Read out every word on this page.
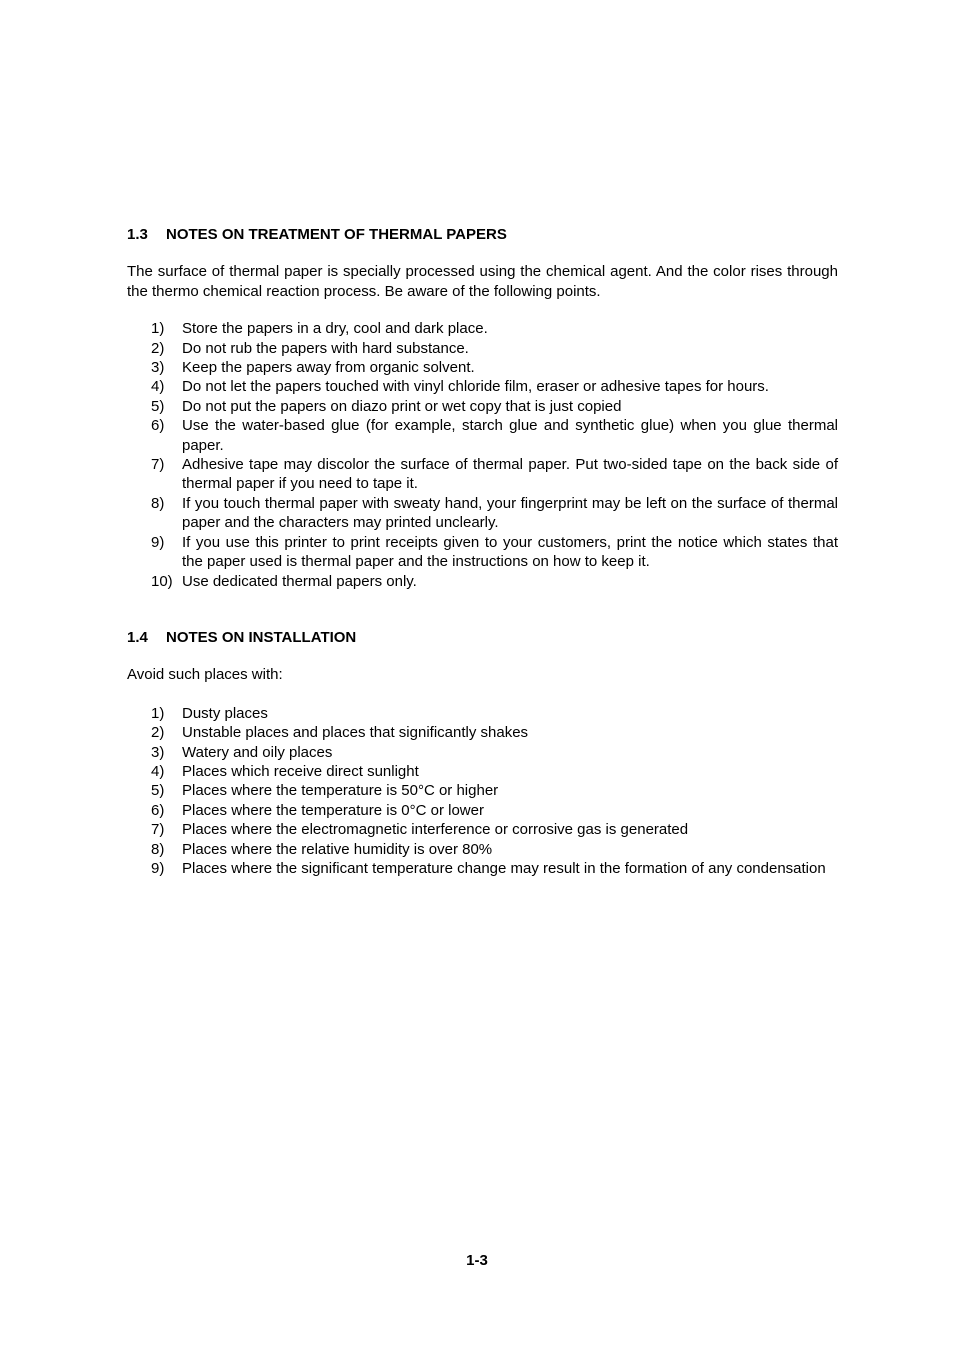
1.3 NOTES ON TREATMENT OF THERMAL PAPERS

The surface of thermal paper is specially processed using the chemical agent. And the color rises through the thermo chemical reaction process. Be aware of the following points.

1) Store the papers in a dry, cool and dark place.
2) Do not rub the papers with hard substance.
3) Keep the papers away from organic solvent.
4) Do not let the papers touched with vinyl chloride film, eraser or adhesive tapes for hours.
5) Do not put the papers on diazo print or wet copy that is just copied
6) Use the water-based glue (for example, starch glue and synthetic glue) when you glue thermal paper.
7) Adhesive tape may discolor the surface of thermal paper. Put two-sided tape on the back side of thermal paper if you need to tape it.
8) If you touch thermal paper with sweaty hand, your fingerprint may be left on the surface of thermal paper and the characters may printed unclearly.
9) If you use this printer to print receipts given to your customers, print the notice which states that the paper used is thermal paper and the instructions on how to keep it.
10) Use dedicated thermal papers only.
1.4 NOTES ON INSTALLATION

Avoid such places with:

1) Dusty places
2) Unstable places and places that significantly shakes
3) Watery and oily places
4) Places which receive direct sunlight
5) Places where the temperature is 50°C or higher
6) Places where the temperature is 0°C or lower
7) Places where the electromagnetic interference or corrosive gas is generated
8) Places where the relative humidity is over 80%
9) Places where the significant temperature change may result in the formation of any condensation
1-3
